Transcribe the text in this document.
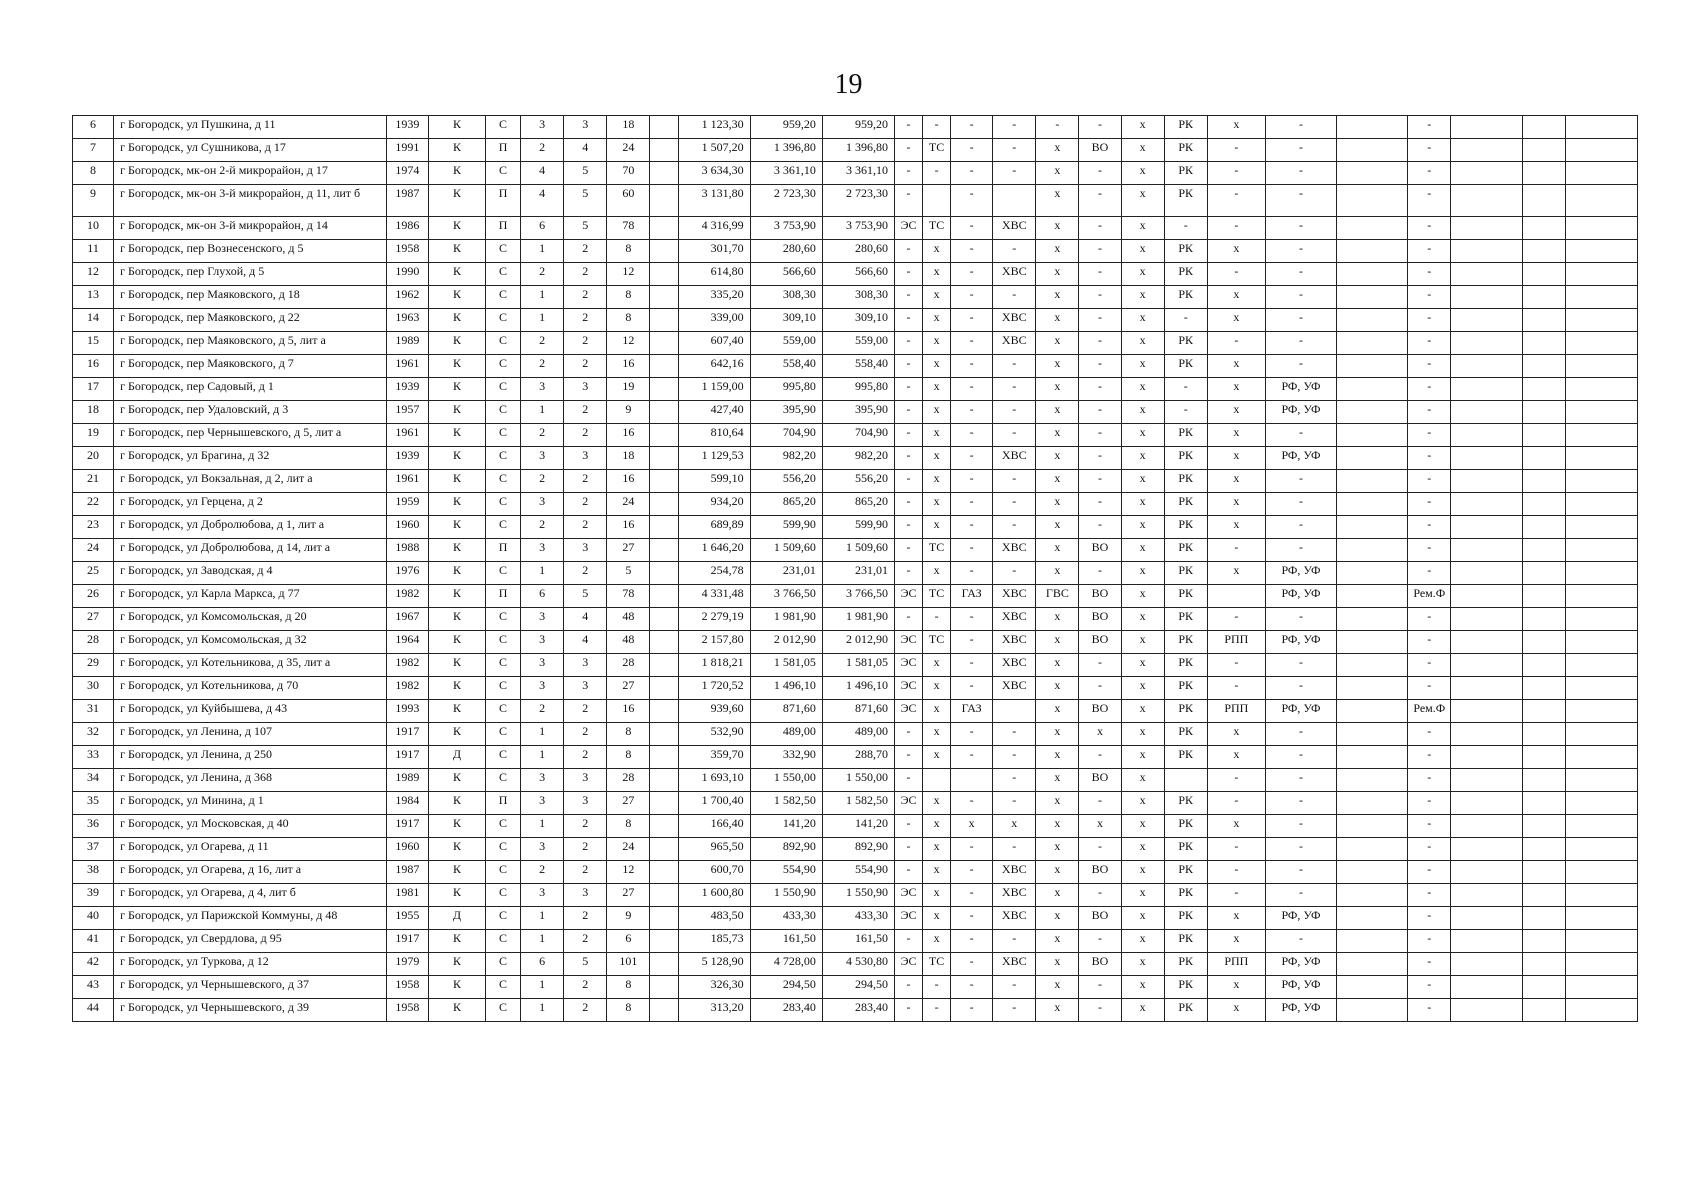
19
6	г Богородск, ул Пушкина, д 11	1939	К	С	3	3	18		1 123,30	959,20	959,20	-	-	-	-	-	-	x	РК	x	-		-			
7	г Богородск, ул Сушникова, д 17	1991	К	П	2	4	24		1 507,20	1 396,80	1 396,80	-	ТС	-	-	x	ВО	x	РК	-	-		-			
8	г Богородск, мк-он 2-й микрорайон, д 17	1974	К	С	4	5	70		3 634,30	3 361,10	3 361,10	-	-	-	-	x	-	x	РК	-	-		-			
9	г Богородск, мк-он 3-й микрорайон, д 11, лит б	1987	К	П	4	5	60		3 131,80	2 723,30	2 723,30	-		-		x	-	x	РК	-	-		-			
10	г Богородск, мк-он 3-й микрорайон, д 14	1986	К	П	6	5	78		4 316,99	3 753,90	3 753,90	ЭС	ТС	-	ХВС	x	-	x	-	-	-		-			
11	г Богородск, пер Вознесенского, д 5	1958	К	С	1	2	8		301,70	280,60	280,60	-	x	-	-	x	-	x	РК	x	-		-			
12	г Богородск, пер Глухой, д 5	1990	К	С	2	2	12		614,80	566,60	566,60	-	x	-	ХВС	x	-	x	РК	-	-		-			
13	г Богородск, пер Маяковского, д 18	1962	К	С	1	2	8		335,20	308,30	308,30	-	x	-	-	x	-	x	РК	x	-		-			
14	г Богородск, пер Маяковского, д 22	1963	К	С	1	2	8		339,00	309,10	309,10	-	x	-	ХВС	x	-	x	-	x	-		-			
15	г Богородск, пер Маяковского, д 5, лит а	1989	К	С	2	2	12		607,40	559,00	559,00	-	x	-	ХВС	x	-	x	РК	-	-		-			
16	г Богородск, пер Маяковского, д 7	1961	К	С	2	2	16		642,16	558,40	558,40	-	x	-	-	x	-	x	РК	x	-		-			
17	г Богородск, пер Садовый, д 1	1939	К	С	3	3	19		1 159,00	995,80	995,80	-	x	-	-	x	-	x	-	x	РФ, УФ		-			
18	г Богородск, пер Удаловский, д 3	1957	К	С	1	2	9		427,40	395,90	395,90	-	x	-	-	x	-	x	-	x	РФ, УФ		-			
19	г Богородск, пер Чернышевского, д 5, лит а	1961	К	С	2	2	16		810,64	704,90	704,90	-	x	-	-	x	-	x	РК	x	-		-			
20	г Богородск, ул Брагина, д 32	1939	К	С	3	3	18		1 129,53	982,20	982,20	-	x	-	ХВС	x	-	x	РК	x	РФ, УФ		-			
21	г Богородск, ул Вокзальная, д 2, лит а	1961	К	С	2	2	16		599,10	556,20	556,20	-	x	-	-	x	-	x	РК	x	-		-			
22	г Богородск, ул Герцена, д 2	1959	К	С	3	2	24		934,20	865,20	865,20	-	x	-	-	x	-	x	РК	x	-		-			
23	г Богородск, ул Добролюбова, д 1, лит а	1960	К	С	2	2	16		689,89	599,90	599,90	-	x	-	-	x	-	x	РК	x	-		-			
24	г Богородск, ул Добролюбова, д 14, лит а	1988	К	П	3	3	27		1 646,20	1 509,60	1 509,60	-	ТС	-	ХВС	x	ВО	x	РК	-	-		-			
25	г Богородск, ул Заводская, д 4	1976	К	С	1	2	5		254,78	231,01	231,01	-	x	-	-	x	-	x	РК	x	РФ, УФ		-			
26	г Богородск, ул Карла Маркса, д 77	1982	К	П	6	5	78		4 331,48	3 766,50	3 766,50	ЭС	ТС	ГАЗ	ХВС	ГВС	ВО	x	РК		РФ, УФ		Рем.Ф			
27	г Богородск, ул Комсомольская, д 20	1967	К	С	3	4	48		2 279,19	1 981,90	1 981,90	-	-	-	ХВС	x	ВО	x	РК	-	-		-			
28	г Богородск, ул Комсомольская, д 32	1964	К	С	3	4	48		2 157,80	2 012,90	2 012,90	ЭС	ТС	-	ХВС	x	ВО	x	РК	РПП	РФ, УФ		-			
29	г Богородск, ул Котельникова, д 35, лит а	1982	К	С	3	3	28		1 818,21	1 581,05	1 581,05	ЭС	x	-	ХВС	x	-	x	РК	-	-		-			
30	г Богородск, ул Котельникова, д 70	1982	К	С	3	3	27		1 720,52	1 496,10	1 496,10	ЭС	x	-	ХВС	x	-	x	РК	-	-		-			
31	г Богородск, ул Куйбышева, д 43	1993	К	С	2	2	16		939,60	871,60	871,60	ЭС	x	ГАЗ		x	ВО	x	РК	РПП	РФ, УФ		Рем.Ф			
32	г Богородск, ул Ленина, д 107	1917	К	С	1	2	8		532,90	489,00	489,00	-	x	-	-	x	x	x	РК	x	-		-			
33	г Богородск, ул Ленина, д 250	1917	Д	С	1	2	8		359,70	332,90	288,70	-	x	-	-	x	-	x	РК	x	-		-			
34	г Богородск, ул Ленина, д 368	1989	К	С	3	3	28		1 693,10	1 550,00	1 550,00	-			-	x	ВО	x		-	-		-			
35	г Богородск, ул Минина, д 1	1984	К	П	3	3	27		1 700,40	1 582,50	1 582,50	ЭС	x	-	-	x	-	x	РК	-	-		-			
36	г Богородск, ул Московская, д 40	1917	К	С	1	2	8		166,40	141,20	141,20	-	x	x	x	x	x	x	РК	x	-		-			
37	г Богородск, ул Огарева, д 11	1960	К	С	3	2	24		965,50	892,90	892,90	-	x	-	-	x	-	x	РК	-	-		-			
38	г Богородск, ул Огарева, д 16, лит а	1987	К	С	2	2	12		600,70	554,90	554,90	-	x	-	ХВС	x	ВО	x	РК	-	-		-			
39	г Богородск, ул Огарева, д 4, лит б	1981	К	С	3	3	27		1 600,80	1 550,90	1 550,90	ЭС	x	-	ХВС	x	-	x	РК	-	-		-			
40	г Богородск, ул Парижской Коммуны, д 48	1955	Д	С	1	2	9		483,50	433,30	433,30	ЭС	x	-	ХВС	x	ВО	x	РК	x	РФ, УФ		-			
41	г Богородск, ул Свердлова, д 95	1917	К	С	1	2	6		185,73	161,50	161,50	-	x	-	-	x	-	x	РК	x	-		-			
42	г Богородск, ул Туркова, д 12	1979	К	С	6	5	101		5 128,90	4 728,00	4 530,80	ЭС	ТС	-	ХВС	x	ВО	x	РК	РПП	РФ, УФ		-			
43	г Богородск, ул Чернышевского, д 37	1958	К	С	1	2	8		326,30	294,50	294,50	-	-	-	-	x	-	x	РК	x	РФ, УФ		-			
44	г Богородск, ул Чернышевского, д 39	1958	К	С	1	2	8		313,20	283,40	283,40	-	-	-	-	x	-	x	РК	x	РФ, УФ		-			
